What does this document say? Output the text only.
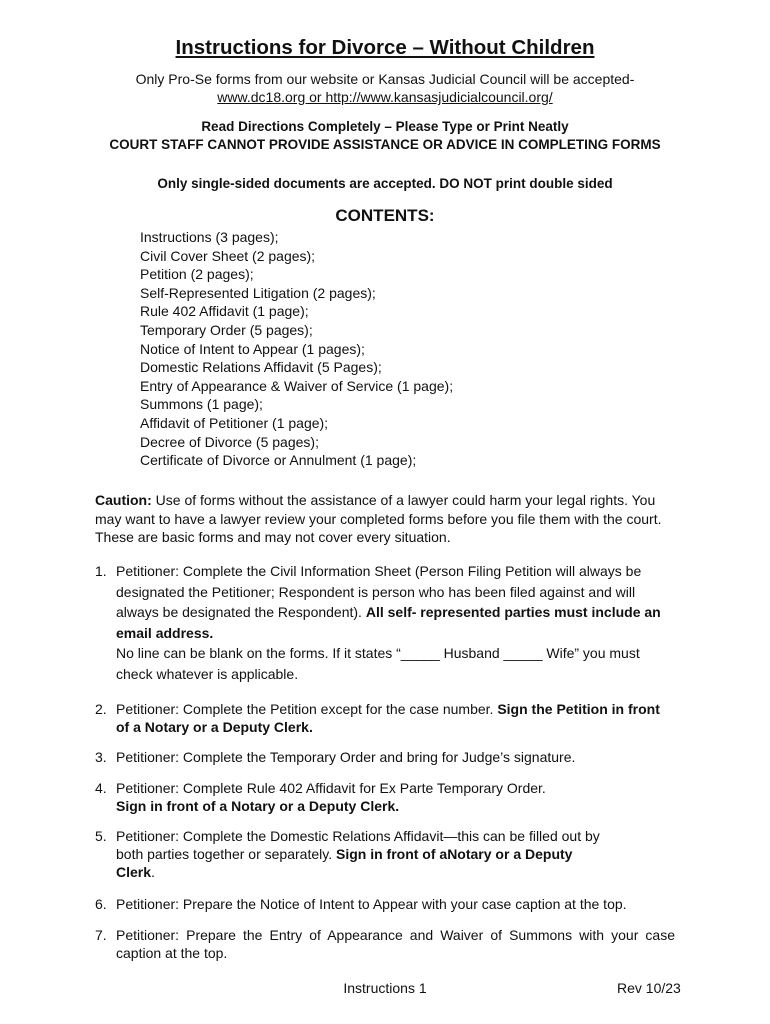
Instructions for Divorce – Without Children
Only Pro-Se forms from our website or Kansas Judicial Council will be accepted-
www.dc18.org or http://www.kansasjudicialcouncil.org/
Read Directions Completely – Please Type or Print Neatly
COURT STAFF CANNOT PROVIDE ASSISTANCE OR ADVICE IN COMPLETING FORMS
Only single-sided documents are accepted. DO NOT print double sided
CONTENTS:
Instructions (3 pages);
Civil Cover Sheet (2 pages);
Petition (2 pages);
Self-Represented Litigation (2 pages);
Rule 402 Affidavit (1 page);
Temporary Order (5 pages);
Notice of Intent to Appear (1 pages);
Domestic Relations Affidavit (5 Pages);
Entry of Appearance & Waiver of Service (1 page);
Summons (1 page);
Affidavit of Petitioner (1 page);
Decree of Divorce (5 pages);
Certificate of Divorce or Annulment (1 page);
Caution: Use of forms without the assistance of a lawyer could harm your legal rights. You may want to have a lawyer review your completed forms before you file them with the court. These are basic forms and may not cover every situation.
1. Petitioner: Complete the Civil Information Sheet (Person Filing Petition will always be designated the Petitioner; Respondent is person who has been filed against and will always be designated the Respondent). All self- represented parties must include an email address.
No line can be blank on the forms. If it states “_____ Husband _____ Wife” you must check whatever is applicable.
2. Petitioner: Complete the Petition except for the case number. Sign the Petition in front of a Notary or a Deputy Clerk.
3. Petitioner: Complete the Temporary Order and bring for Judge’s signature.
4. Petitioner: Complete Rule 402 Affidavit for Ex Parte Temporary Order.
Sign in front of a Notary or a Deputy Clerk.
5. Petitioner: Complete the Domestic Relations Affidavit—this can be filled out by both parties together or separately. Sign in front of aNotary or a Deputy Clerk.
6. Petitioner: Prepare the Notice of Intent to Appear with your case caption at the top.
7. Petitioner: Prepare the Entry of Appearance and Waiver of Summons with your case caption at the top.
Instructions 1	Rev 10/23
